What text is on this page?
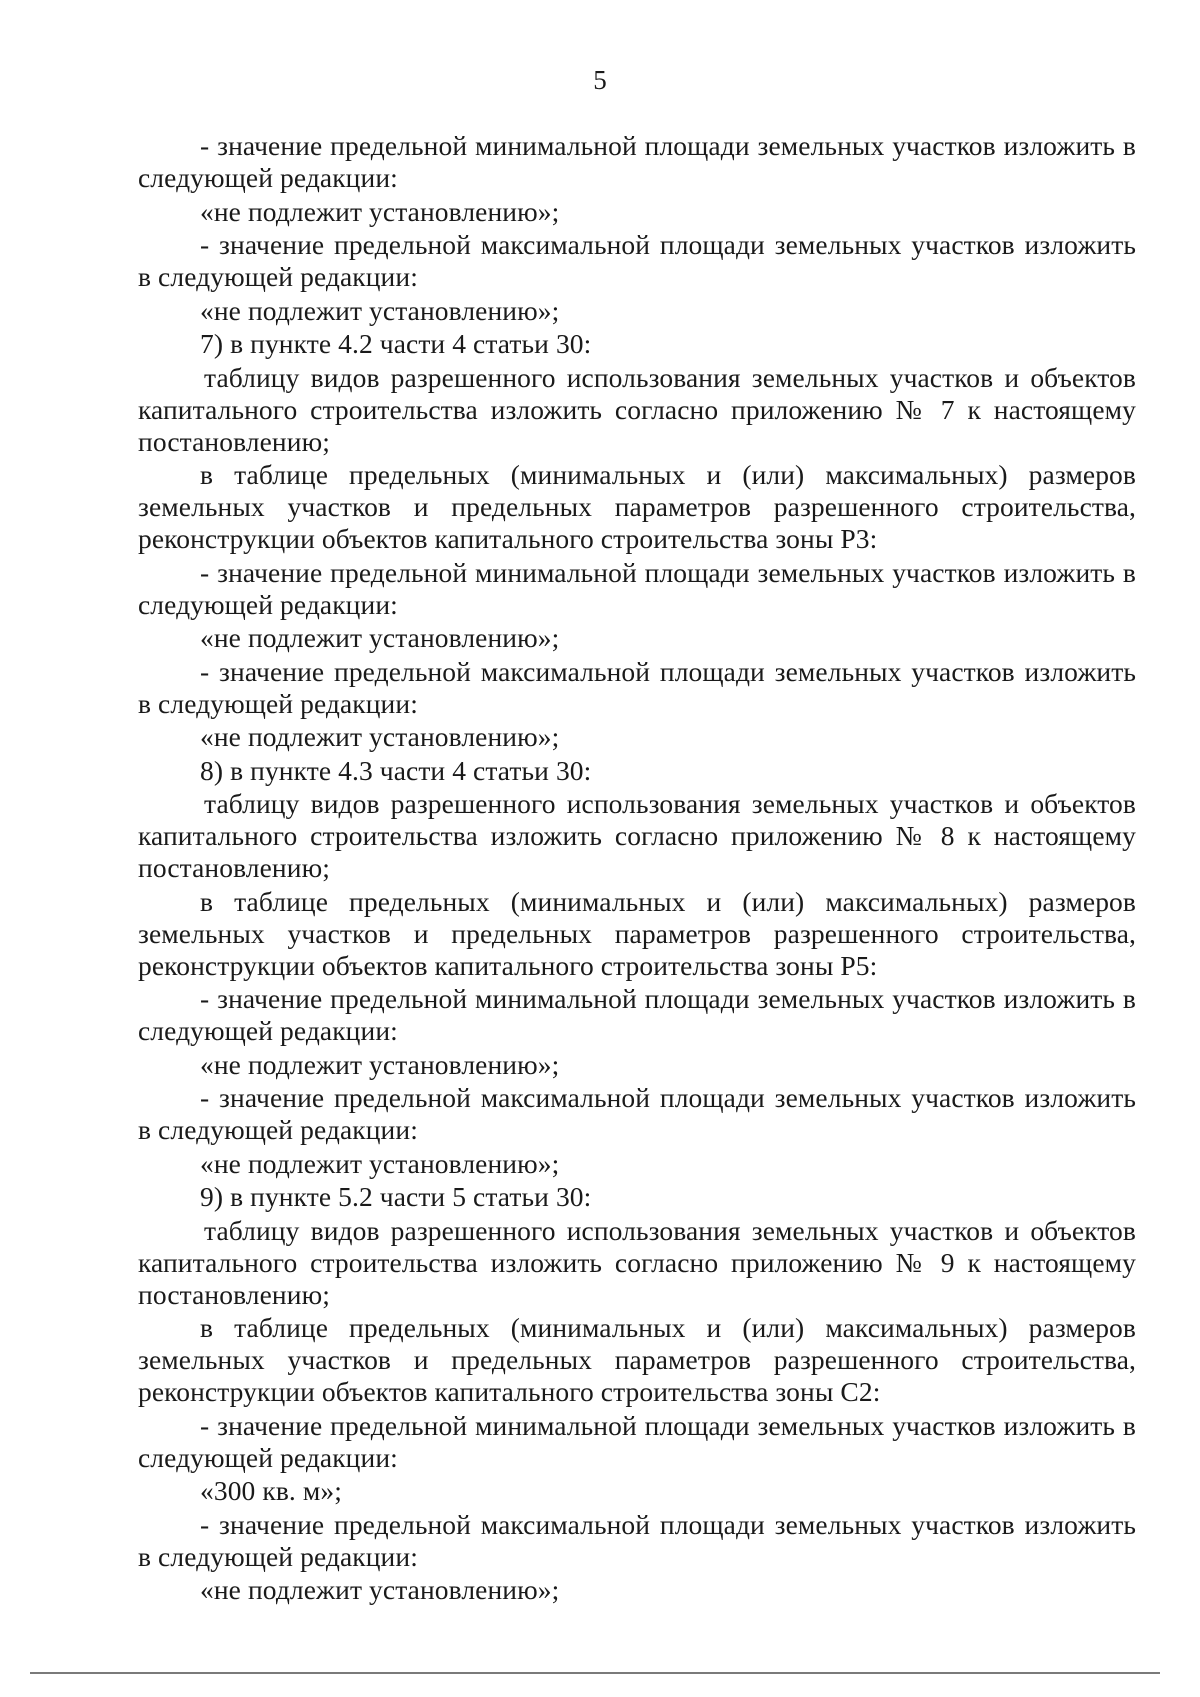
5

- значение предельной минимальной площади земельных участков изложить в следующей редакции:

«не подлежит установлению»;

- значение предельной максимальной площади земельных участков изложить в следующей редакции:

«не подлежит установлению»;

7) в пункте 4.2 части 4 статьи 30:

таблицу видов разрешенного использования земельных участков и объектов капитального строительства изложить согласно приложению № 7 к настоящему постановлению;

в таблице предельных (минимальных и (или) максимальных) размеров земельных участков и предельных параметров разрешенного строительства, реконструкции объектов капитального строительства зоны Р3:

- значение предельной минимальной площади земельных участков изложить в следующей редакции:

«не подлежит установлению»;

- значение предельной максимальной площади земельных участков изложить в следующей редакции:

«не подлежит установлению»;

8) в пункте 4.3 части 4 статьи 30:

таблицу видов разрешенного использования земельных участков и объектов капитального строительства изложить согласно приложению № 8 к настоящему постановлению;

в таблице предельных (минимальных и (или) максимальных) размеров земельных участков и предельных параметров разрешенного строительства, реконструкции объектов капитального строительства зоны Р5:

- значение предельной минимальной площади земельных участков изложить в следующей редакции:

«не подлежит установлению»;

- значение предельной максимальной площади земельных участков изложить в следующей редакции:

«не подлежит установлению»;

9) в пункте 5.2 части 5 статьи 30:

таблицу видов разрешенного использования земельных участков и объектов капитального строительства изложить согласно приложению № 9 к настоящему постановлению;

в таблице предельных (минимальных и (или) максимальных) размеров земельных участков и предельных параметров разрешенного строительства, реконструкции объектов капитального строительства зоны С2:

- значение предельной минимальной площади земельных участков изложить в следующей редакции:

«300 кв. м»;

- значение предельной максимальной площади земельных участков изложить в следующей редакции:

«не подлежит установлению»;
